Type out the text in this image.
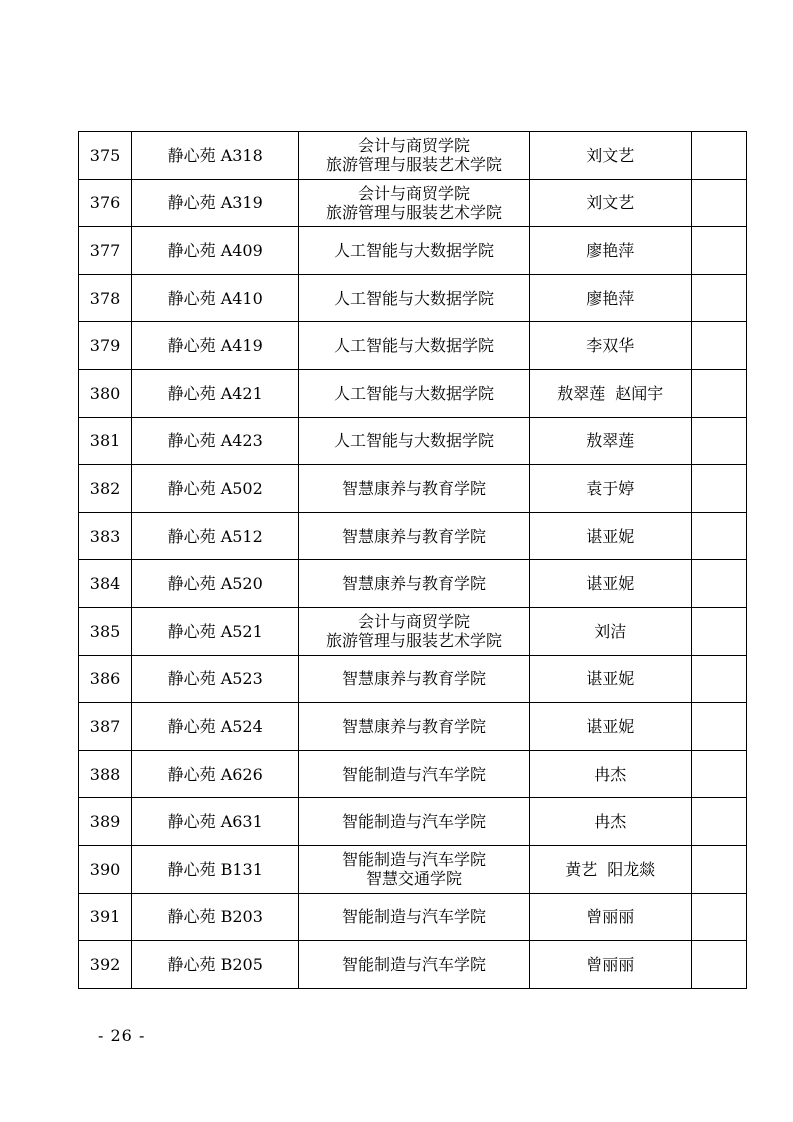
375	静心苑 A318	会计与商贸学院
旅游管理与服装艺术学院	刘文艺	
376	静心苑 A319	会计与商贸学院
旅游管理与服装艺术学院	刘文艺	
377	静心苑 A409	人工智能与大数据学院	廖艳萍	
378	静心苑 A410	人工智能与大数据学院	廖艳萍	
379	静心苑 A419	人工智能与大数据学院	李双华	
380	静心苑 A421	人工智能与大数据学院	敖翠莲 赵闻宇	
381	静心苑 A423	人工智能与大数据学院	敖翠莲	
382	静心苑 A502	智慧康养与教育学院	袁于婷	
383	静心苑 A512	智慧康养与教育学院	谌亚妮	
384	静心苑 A520	智慧康养与教育学院	谌亚妮	
385	静心苑 A521	会计与商贸学院
旅游管理与服装艺术学院	刘洁	
386	静心苑 A523	智慧康养与教育学院	谌亚妮	
387	静心苑 A524	智慧康养与教育学院	谌亚妮	
388	静心苑 A626	智能制造与汽车学院	冉杰	
389	静心苑 A631	智能制造与汽车学院	冉杰	
390	静心苑 B131	智能制造与汽车学院
智慧交通学院	黄艺 阳龙燚	
391	静心苑 B203	智能制造与汽车学院	曾丽丽	
392	静心苑 B205	智能制造与汽车学院	曾丽丽	
- 26 -
